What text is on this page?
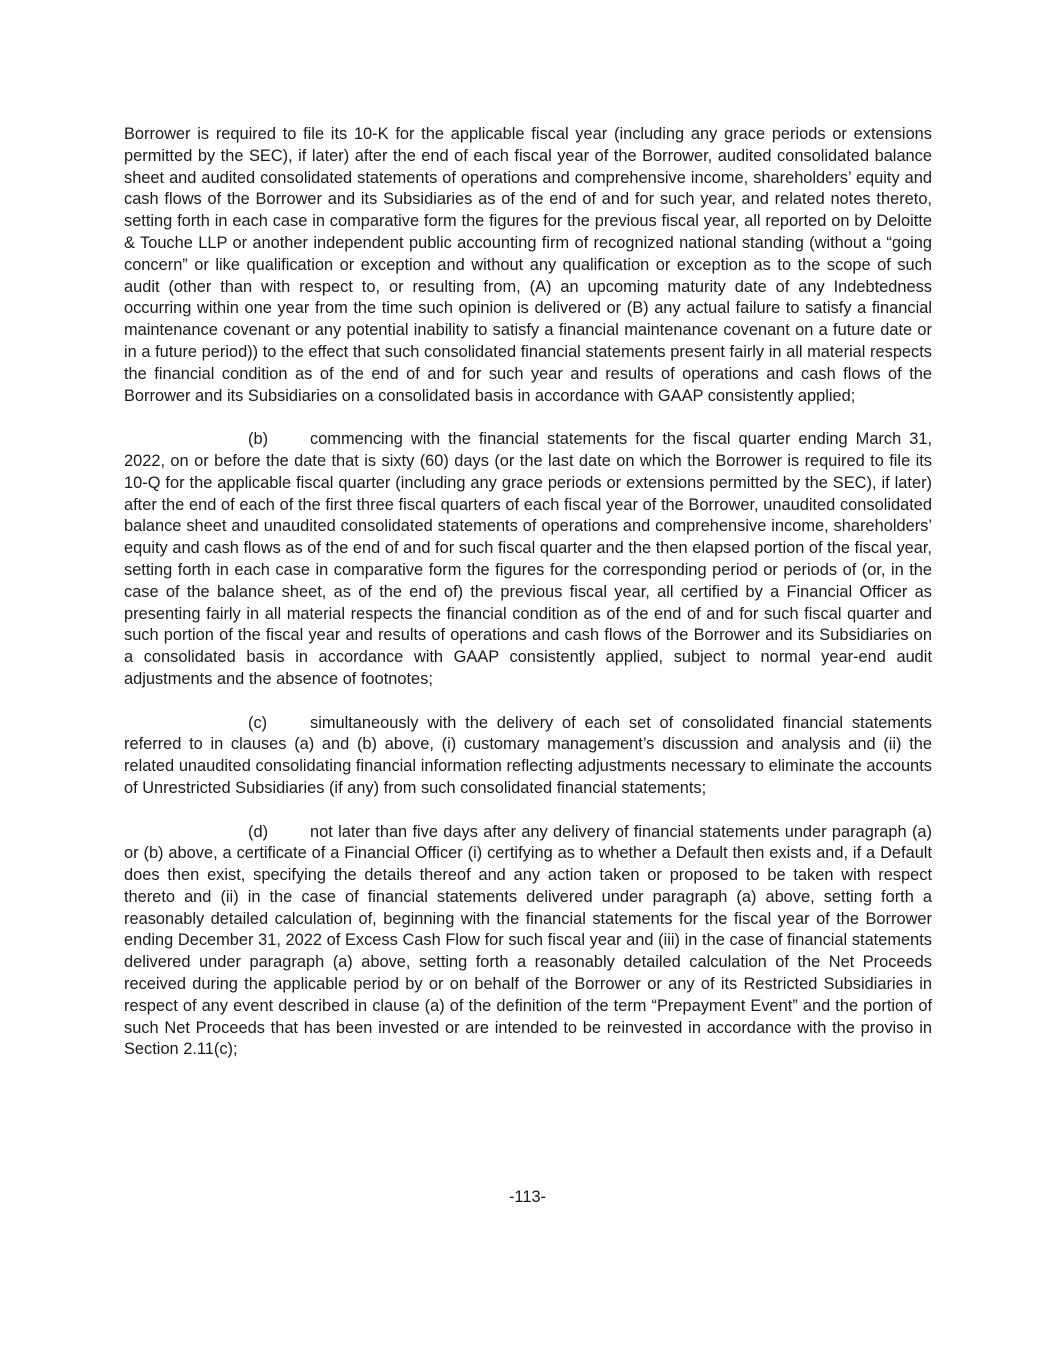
Borrower is required to file its 10-K for the applicable fiscal year (including any grace periods or extensions permitted by the SEC), if later) after the end of each fiscal year of the Borrower, audited consolidated balance sheet and audited consolidated statements of operations and comprehensive income, shareholders’ equity and cash flows of the Borrower and its Subsidiaries as of the end of and for such year, and related notes thereto, setting forth in each case in comparative form the figures for the previous fiscal year, all reported on by Deloitte & Touche LLP or another independent public accounting firm of recognized national standing (without a “going concern” or like qualification or exception and without any qualification or exception as to the scope of such audit (other than with respect to, or resulting from, (A) an upcoming maturity date of any Indebtedness occurring within one year from the time such opinion is delivered or (B) any actual failure to satisfy a financial maintenance covenant or any potential inability to satisfy a financial maintenance covenant on a future date or in a future period)) to the effect that such consolidated financial statements present fairly in all material respects the financial condition as of the end of and for such year and results of operations and cash flows of the Borrower and its Subsidiaries on a consolidated basis in accordance with GAAP consistently applied;

(b)	commencing with the financial statements for the fiscal quarter ending March 31, 2022, on or before the date that is sixty (60) days (or the last date on which the Borrower is required to file its 10-Q for the applicable fiscal quarter (including any grace periods or extensions permitted by the SEC), if later) after the end of each of the first three fiscal quarters of each fiscal year of the Borrower, unaudited consolidated balance sheet and unaudited consolidated statements of operations and comprehensive income, shareholders’ equity and cash flows as of the end of and for such fiscal quarter and the then elapsed portion of the fiscal year, setting forth in each case in comparative form the figures for the corresponding period or periods of (or, in the case of the balance sheet, as of the end of) the previous fiscal year, all certified by a Financial Officer as presenting fairly in all material respects the financial condition as of the end of and for such fiscal quarter and such portion of the fiscal year and results of operations and cash flows of the Borrower and its Subsidiaries on a consolidated basis in accordance with GAAP consistently applied, subject to normal year-end audit adjustments and the absence of footnotes;

(c)	simultaneously with the delivery of each set of consolidated financial statements referred to in clauses (a) and (b) above, (i) customary management’s discussion and analysis and (ii) the related unaudited consolidating financial information reflecting adjustments necessary to eliminate the accounts of Unrestricted Subsidiaries (if any) from such consolidated financial statements;

(d)	not later than five days after any delivery of financial statements under paragraph (a) or (b) above, a certificate of a Financial Officer (i) certifying as to whether a Default then exists and, if a Default does then exist, specifying the details thereof and any action taken or proposed to be taken with respect thereto and (ii) in the case of financial statements delivered under paragraph (a) above, setting forth a reasonably detailed calculation of, beginning with the financial statements for the fiscal year of the Borrower ending December 31, 2022 of Excess Cash Flow for such fiscal year and (iii) in the case of financial statements delivered under paragraph (a) above, setting forth a reasonably detailed calculation of the Net Proceeds received during the applicable period by or on behalf of the Borrower or any of its Restricted Subsidiaries in respect of any event described in clause (a) of the definition of the term “Prepayment Event” and the portion of such Net Proceeds that has been invested or are intended to be reinvested in accordance with the proviso in Section 2.11(c);

-113-
